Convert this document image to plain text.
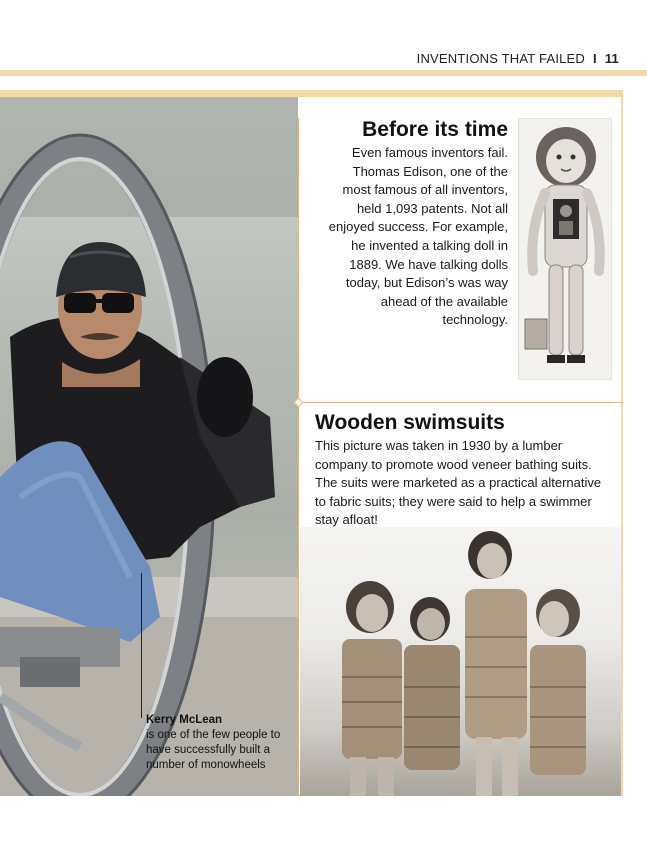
INVENTIONS THAT FAILED I 11
Kerry McLean
is one of the few people to have successfully built a number of monowheels
Before its time
Even famous inventors fail. Thomas Edison, one of the most famous of all inventors, held 1,093 patents. Not all enjoyed success. For example, he invented a talking doll in 1889. We have talking dolls today, but Edison’s was way ahead of the available technology.
Wooden swimsuits
This picture was taken in 1930 by a lumber company to promote wood veneer bathing suits. The suits were marketed as a practical alternative to fabric suits; they were said to help a swimmer stay afloat!
